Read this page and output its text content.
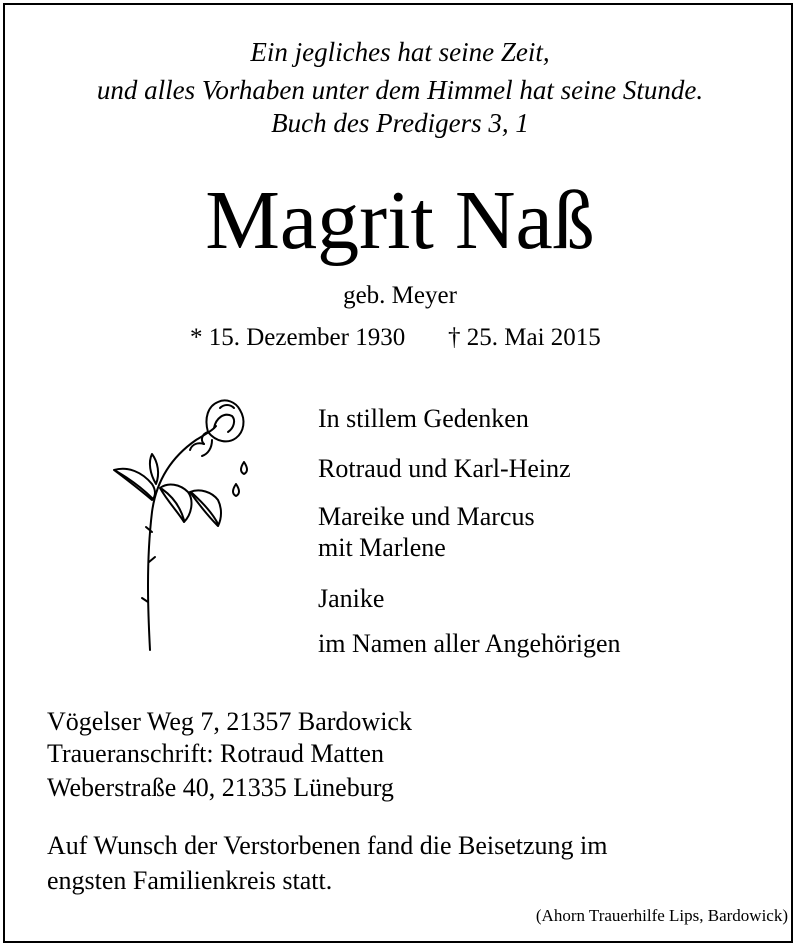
Ein jegliches hat seine Zeit,
und alles Vorhaben unter dem Himmel hat seine Stunde.
Buch des Predigers 3, 1
Magrit Naß
geb. Meyer
* 15. Dezember 1930 † 25. Mai 2015
In stillem Gedenken
Rotraud und Karl-Heinz
Mareike und Marcus
mit Marlene
Janike
im Namen aller Angehörigen
Vögelser Weg 7, 21357 Bardowick
Traueranschrift: Rotraud Matten
Weberstraße 40, 21335 Lüneburg
Auf Wunsch der Verstorbenen fand die Beisetzung im
engsten Familienkreis statt.
(Ahorn Trauerhilfe Lips, Bardowick)
